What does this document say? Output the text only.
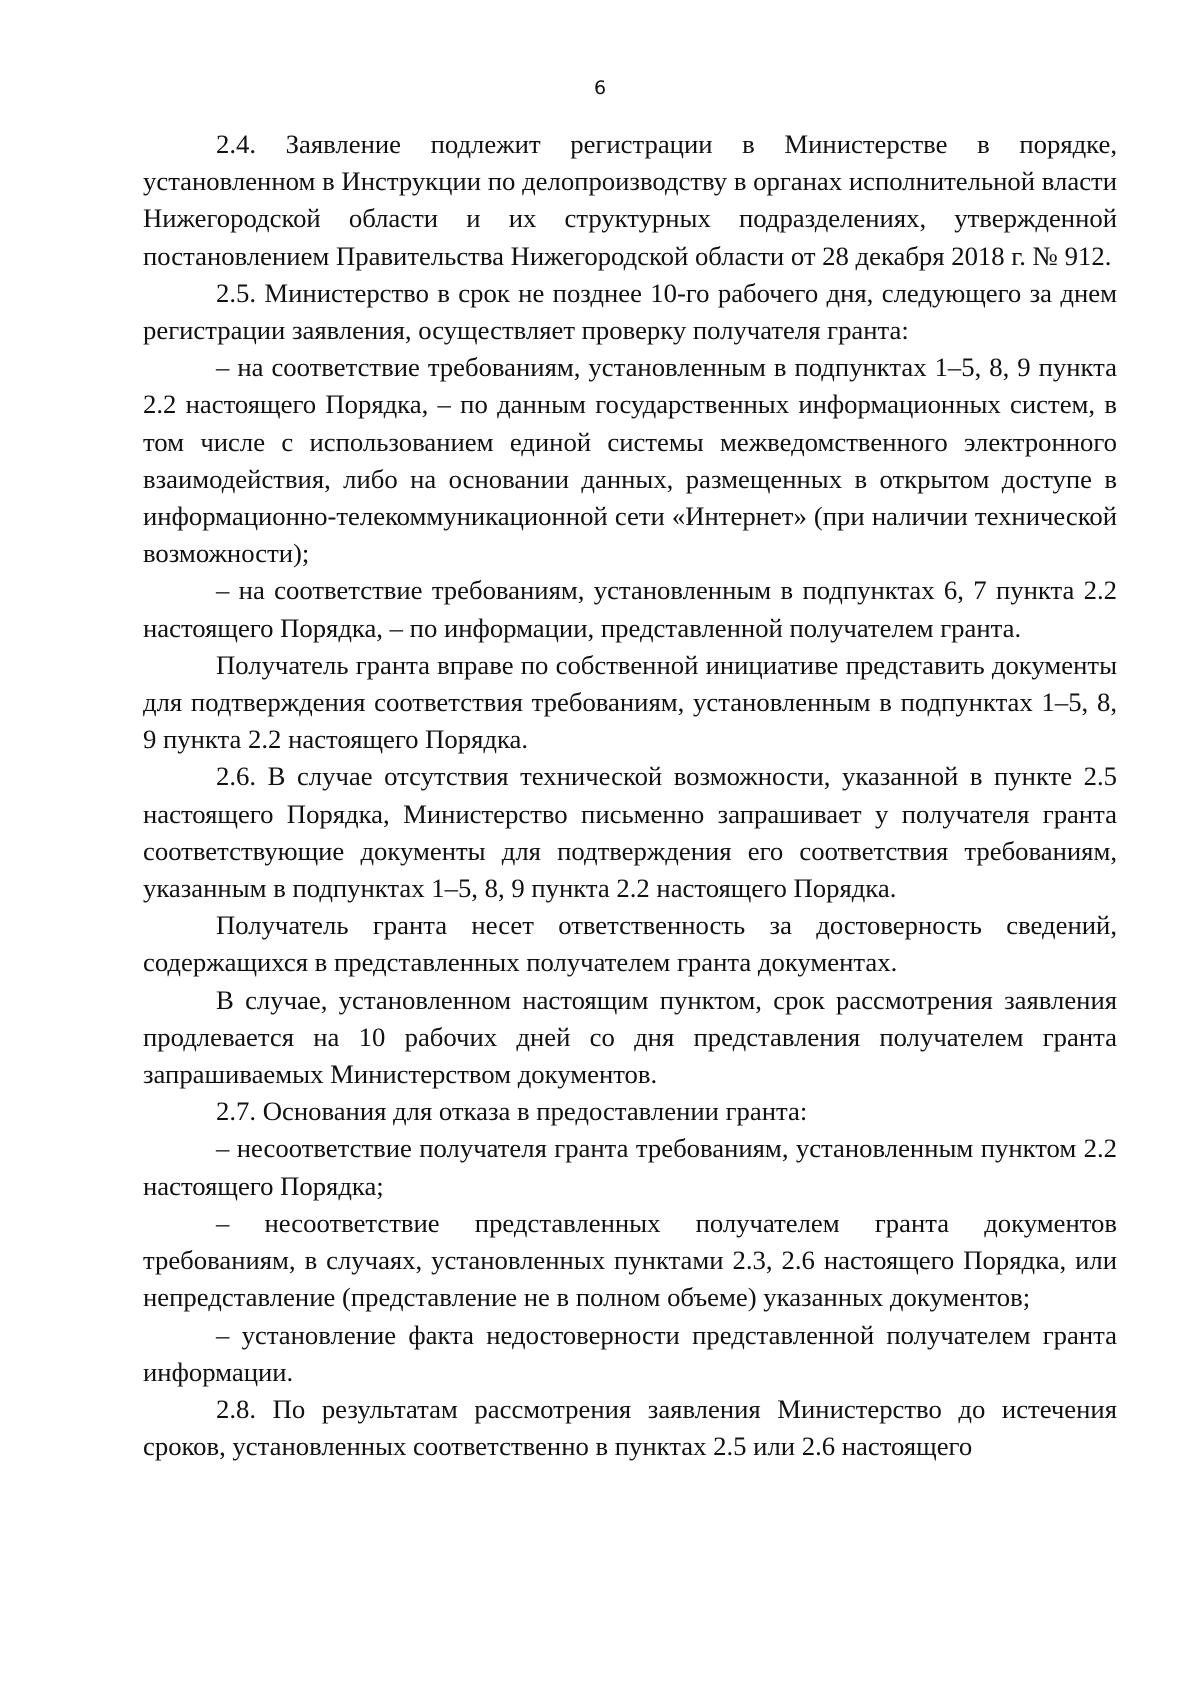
6

2.4. Заявление подлежит регистрации в Министерстве в порядке, установленном в Инструкции по делопроизводству в органах исполнительной власти Нижегородской области и их структурных подразделениях, утвержденной постановлением Правительства Нижегородской области от 28 декабря 2018 г. № 912.

2.5. Министерство в срок не позднее 10-го рабочего дня, следующего за днем регистрации заявления, осуществляет проверку получателя гранта:

– на соответствие требованиям, установленным в подпунктах 1–5, 8, 9 пункта 2.2 настоящего Порядка, – по данным государственных информационных систем, в том числе с использованием единой системы межведомственного электронного взаимодействия, либо на основании данных, размещенных в открытом доступе в информационно-телекоммуникационной сети «Интернет» (при наличии технической возможности);

– на соответствие требованиям, установленным в подпунктах 6, 7 пункта 2.2 настоящего Порядка, – по информации, представленной получателем гранта.

Получатель гранта вправе по собственной инициативе представить документы для подтверждения соответствия требованиям, установленным в подпунктах 1–5, 8, 9 пункта 2.2 настоящего Порядка.

2.6. В случае отсутствия технической возможности, указанной в пункте 2.5 настоящего Порядка, Министерство письменно запрашивает у получателя гранта соответствующие документы для подтверждения его соответствия требованиям, указанным в подпунктах 1–5, 8, 9 пункта 2.2 настоящего Порядка.

Получатель гранта несет ответственность за достоверность сведений, содержащихся в представленных получателем гранта документах.

В случае, установленном настоящим пунктом, срок рассмотрения заявления продлевается на 10 рабочих дней со дня представления получателем гранта запрашиваемых Министерством документов.

2.7. Основания для отказа в предоставлении гранта:

– несоответствие получателя гранта требованиям, установленным пунктом 2.2 настоящего Порядка;

– несоответствие представленных получателем гранта документов требованиям, в случаях, установленных пунктами 2.3, 2.6 настоящего Порядка, или непредставление (представление не в полном объеме) указанных документов;

– установление факта недостоверности представленной получателем гранта информации.

2.8. По результатам рассмотрения заявления Министерство до истечения сроков, установленных соответственно в пунктах 2.5 или 2.6 настоящего
